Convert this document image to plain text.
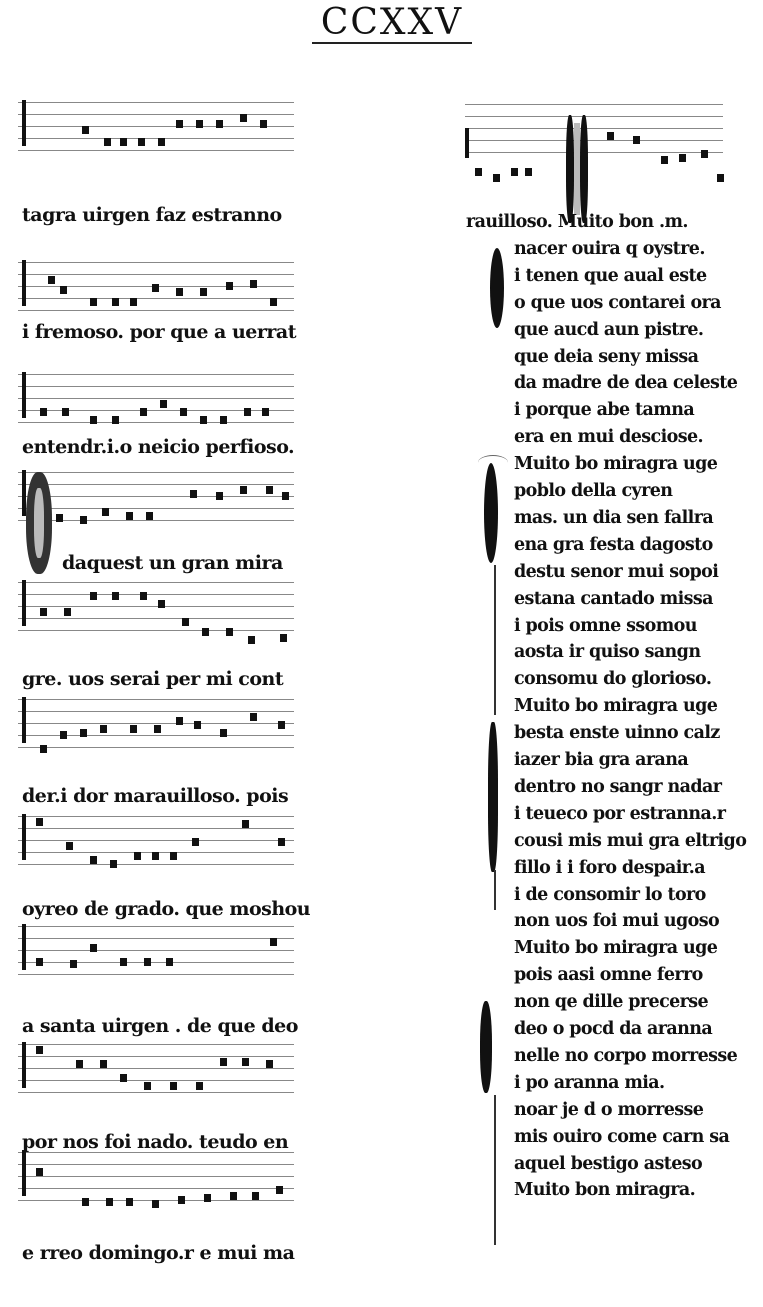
CCXXV
tagra uirgen faz estranno
i fremoso. por que a uerrat
entendr.i.o neicio perfioso.
daquest un gran mira
gre. uos serai per mi cont
der.i dor marauilloso. pois
oyreo de grado. que moshou
a santa uirgen . de que deo
por nos foi nado. teudo en
e rreo domingo.r e mui ma
rauilloso. Muito bon .m.
nacer ouira q oystre.
i tenen que aual este
o que uos contarei ora
que aucd aun pistre.
que deia seny missa
da madre de dea celeste
i porque abe tamna
era en mui desciose.
Muito bo miragra uge
poblo della cyren
mas. un dia sen fallra
ena gra festa dagosto
destu senor mui sopoi
estana cantado missa
i pois omne ssomou
aosta ir quiso sangn
consomu do glorioso.
Muito bo miragra uge
besta enste uinno calz
iazer bia gra arana
dentro no sangr nadar
i teueco por estranna.r
cousi mis mui gra eltrigo
fillo i i foro despair.a
i de consomir lo toro
non uos foi mui ugoso
Muito bo miragra uge
pois aasi omne ferro
non qe dille precerse
deo o pocd da aranna
nelle no corpo morresse
i po aranna mia.
noar je d o morresse
mis ouiro come carn sa
aquel bestigo asteso
Muito bon miragra.
